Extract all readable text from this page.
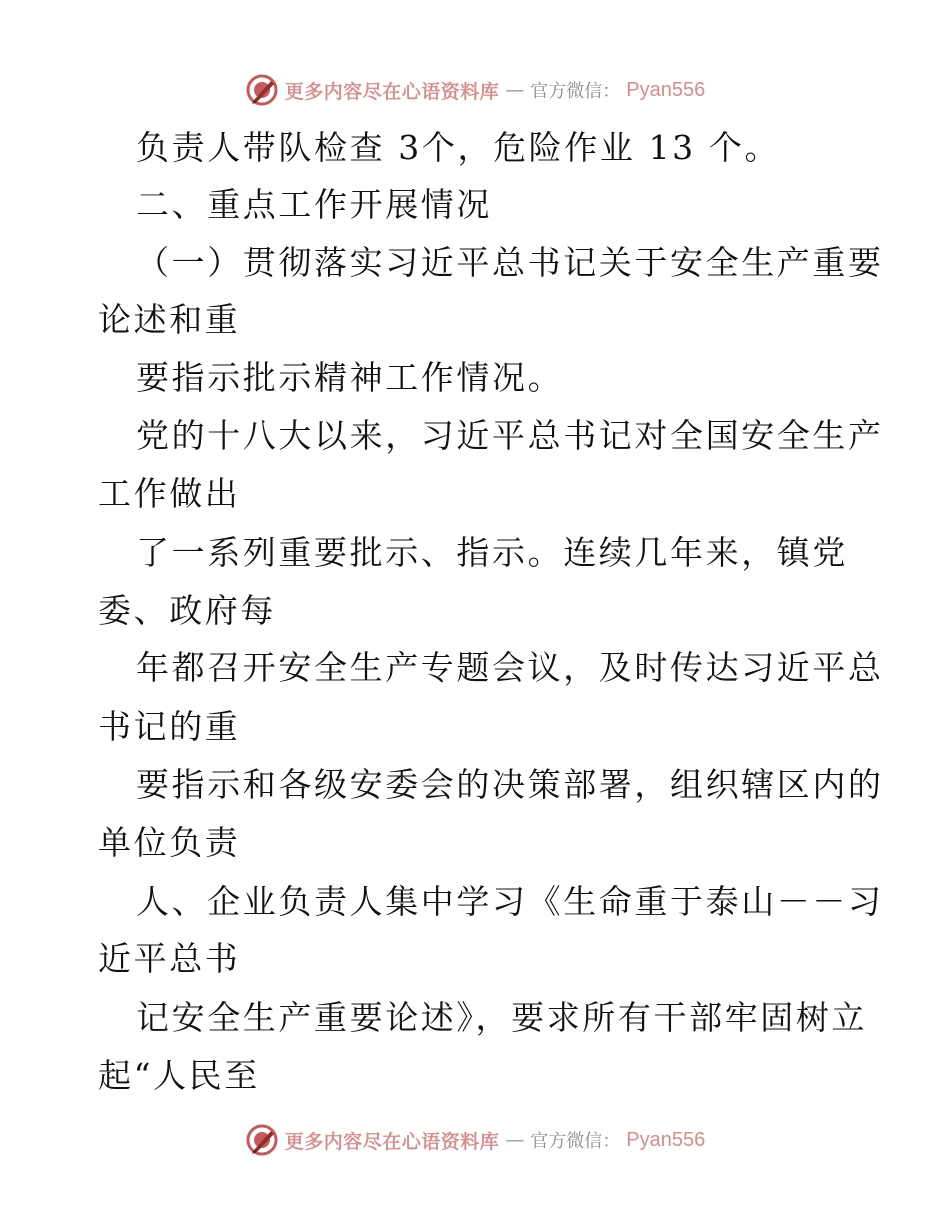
更多内容尽在心语资料库 — 官方微信： Pyan556
负责人带队检查 3个，危险作业 13 个。
二、重点工作开展情况
（一）贯彻落实习近平总书记关于安全生产重要
论述和重
要指示批示精神工作情况。
党的十八大以来，习近平总书记对全国安全生产
工作做出
了一系列重要批示、指示。连续几年来，镇党
委、政府每
年都召开安全生产专题会议，及时传达习近平总
书记的重
要指示和各级安委会的决策部署，组织辖区内的
单位负责
人、企业负责人集中学习《生命重于泰山－－习
近平总书
记安全生产重要论述》，要求所有干部牢固树立
起“人民至
更多内容尽在心语资料库 — 官方微信： Pyan556
